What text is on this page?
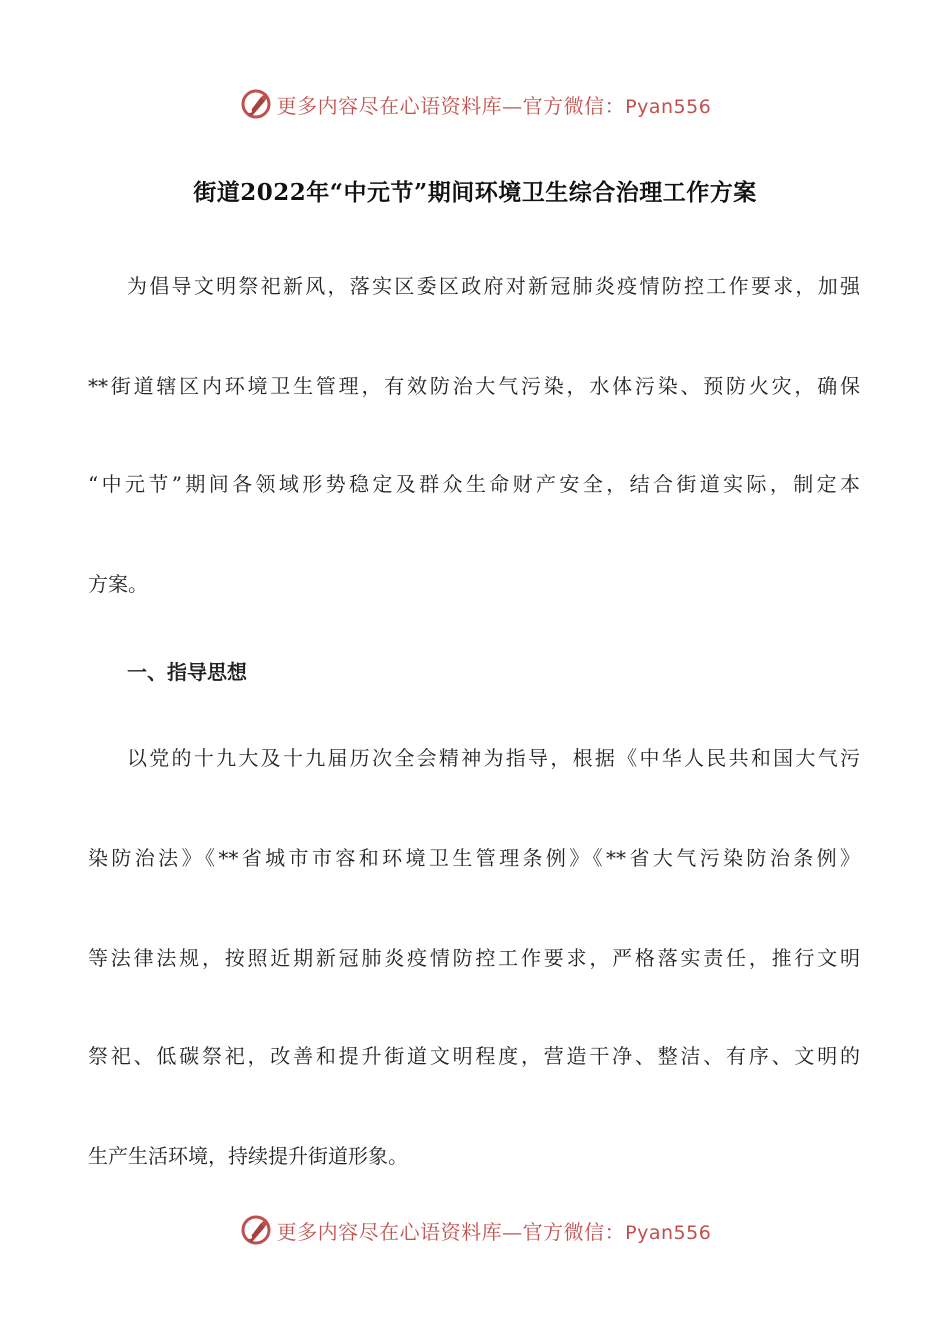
更多内容尽在心语资料库—官方微信：Pyan556
街道2022年“中元节”期间环境卫生综合治理工作方案
为倡导文明祭祀新风，落实区委区政府对新冠肺炎疫情防控工作要求，加强
**街道辖区内环境卫生管理，有效防治大气污染，水体污染、预防火灾，确保
“中元节”期间各领域形势稳定及群众生命财产安全，结合街道实际，制定本
方案。
一、指导思想
以党的十九大及十九届历次全会精神为指导，根据《中华人民共和国大气污
染防治法》《**省城市市容和环境卫生管理条例》《**省大气污染防治条例》
等法律法规，按照近期新冠肺炎疫情防控工作要求，严格落实责任，推行文明
祭祀、低碳祭祀，改善和提升街道文明程度，营造干净、整洁、有序、文明的
生产生活环境，持续提升街道形象。
更多内容尽在心语资料库—官方微信：Pyan556
